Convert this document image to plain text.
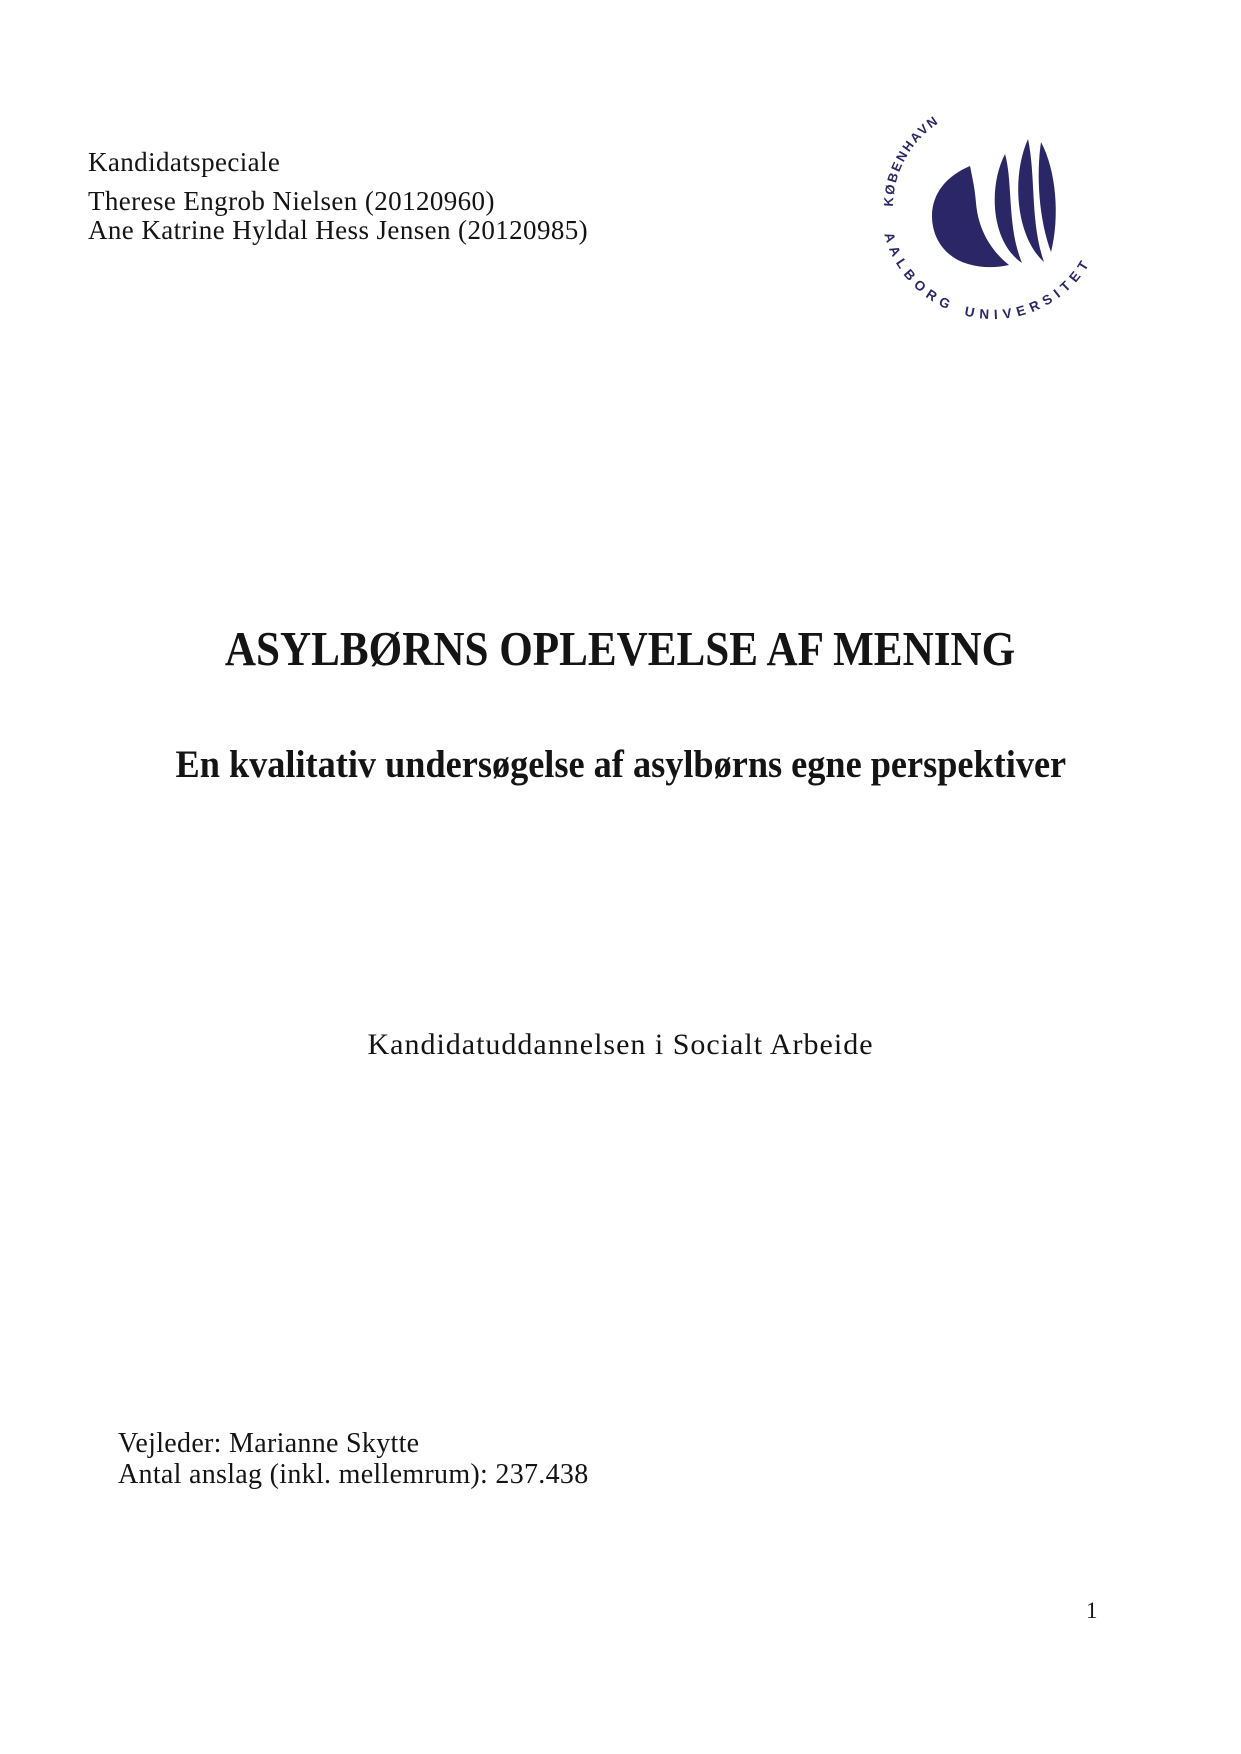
Kandidatspeciale
Therese Engrob Nielsen (20120960)
Ane Katrine Hyldal Hess Jensen (20120985)
KØBENHAVN
AALBORG UNIVERSITET
ASYLBØRNS OPLEVELSE AF MENING
En kvalitativ undersøgelse af asylbørns egne perspektiver
Kandidatuddannelsen i Socialt Arbeide
Vejleder: Marianne Skytte
Antal anslag (inkl. mellemrum): 237.438
1
